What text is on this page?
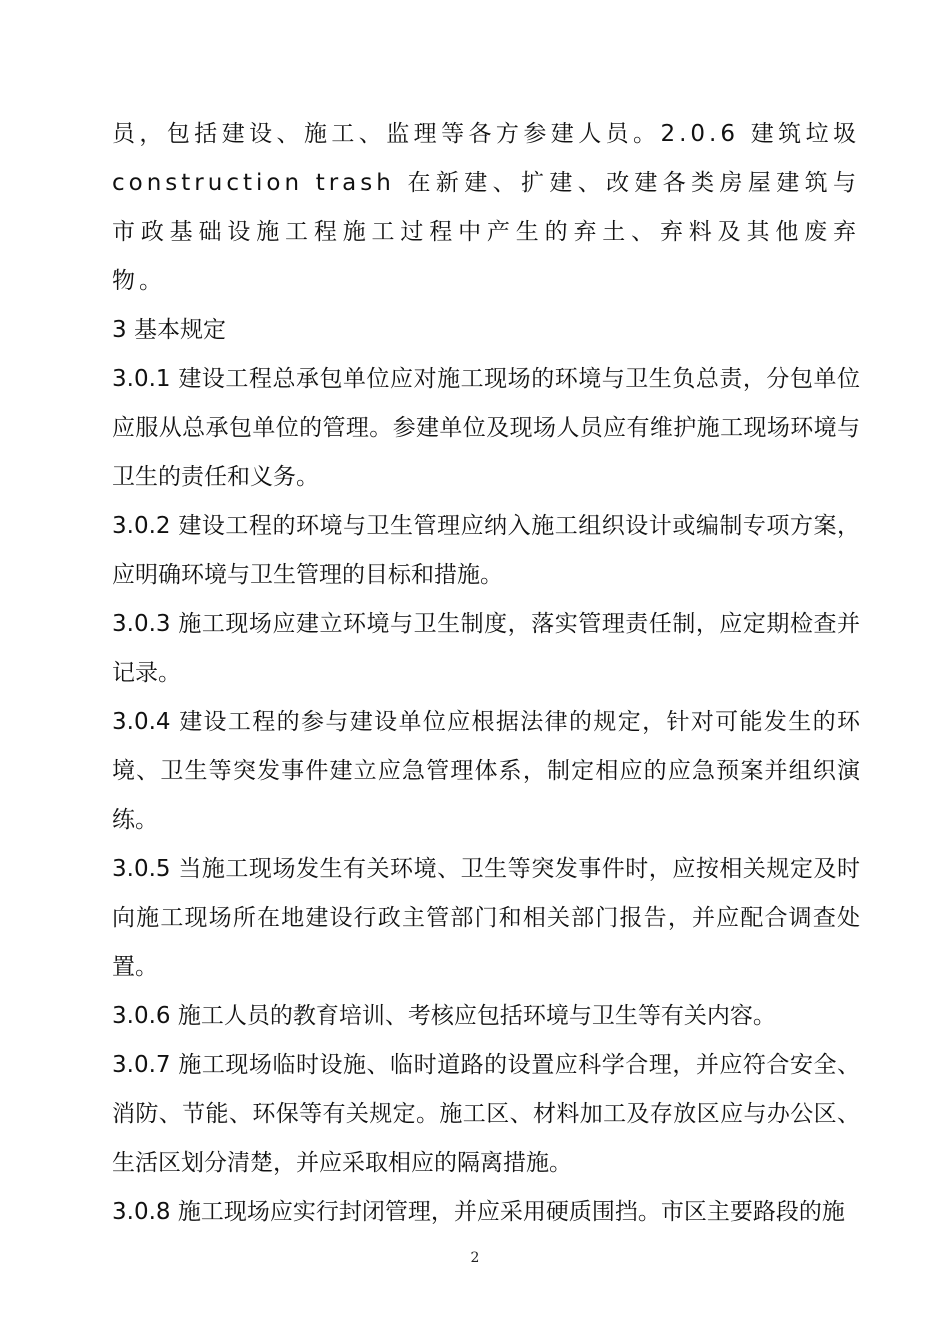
员，包括建设、施工、监理等各方参建人员。2.0.6 建筑垃圾 construction trash 在新建、扩建、改建各类房屋建筑与市政基础设施工程施工过程中产生的弃土、弃料及其他废弃物。

3 基本规定

3.0.1 建设工程总承包单位应对施工现场的环境与卫生负总责，分包单位应服从总承包单位的管理。参建单位及现场人员应有维护施工现场环境与卫生的责任和义务。

3.0.2 建设工程的环境与卫生管理应纳入施工组织设计或编制专项方案，应明确环境与卫生管理的目标和措施。

3.0.3 施工现场应建立环境与卫生制度，落实管理责任制，应定期检查并记录。

3.0.4 建设工程的参与建设单位应根据法律的规定，针对可能发生的环境、卫生等突发事件建立应急管理体系，制定相应的应急预案并组织演练。

3.0.5 当施工现场发生有关环境、卫生等突发事件时，应按相关规定及时向施工现场所在地建设行政主管部门和相关部门报告，并应配合调查处置。

3.0.6 施工人员的教育培训、考核应包括环境与卫生等有关内容。

3.0.7 施工现场临时设施、临时道路的设置应科学合理，并应符合安全、消防、节能、环保等有关规定。施工区、材料加工及存放区应与办公区、生活区划分清楚，并应采取相应的隔离措施。

3.0.8 施工现场应实行封闭管理，并应采用硬质围挡。市区主要路段的施

2
